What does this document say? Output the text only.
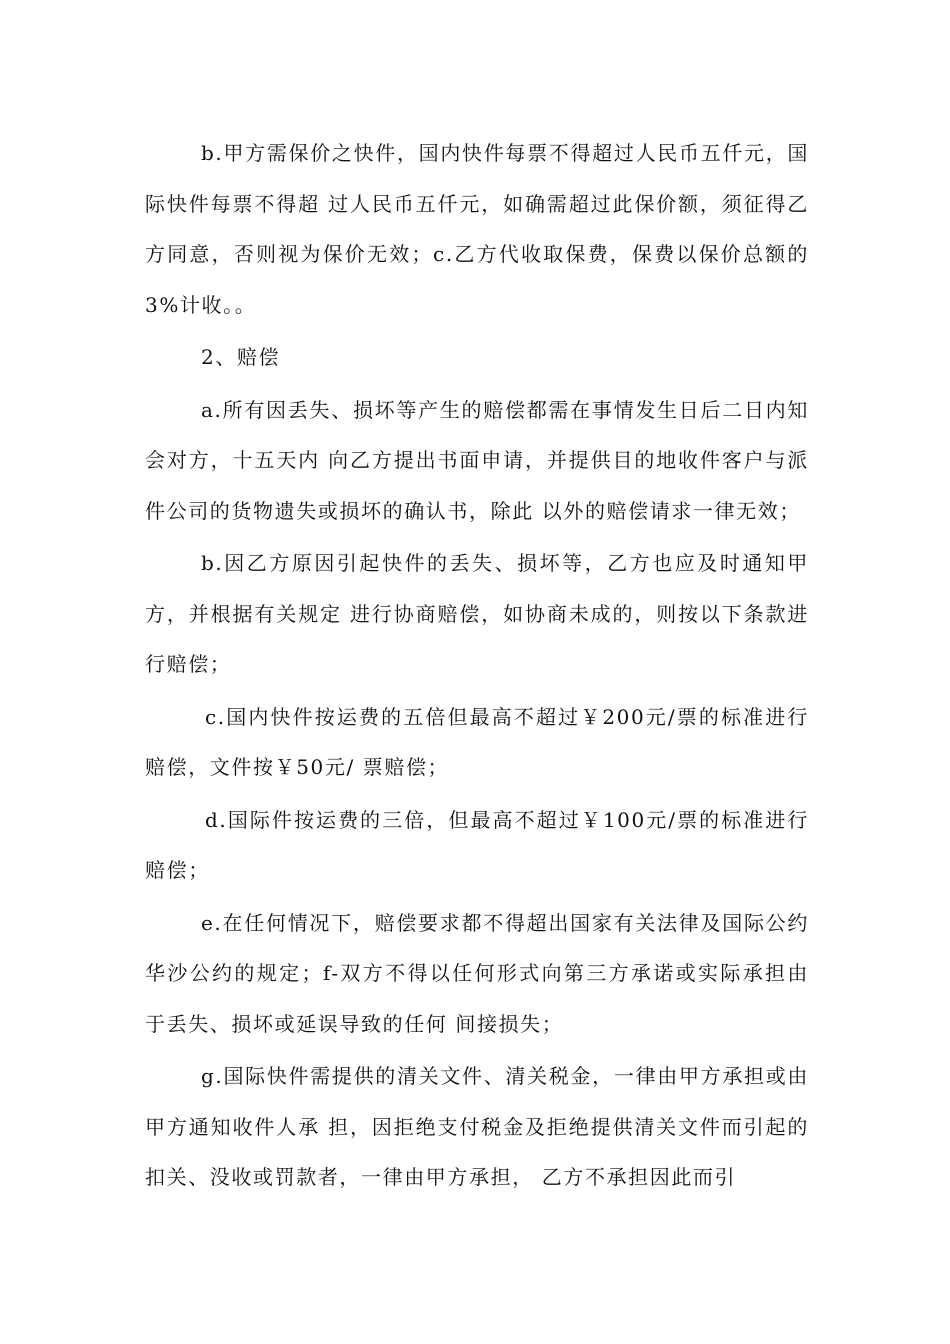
b.甲方需保价之快件，国内快件每票不得超过人民币五仟元，国际快件每票不得超 过人民币五仟元，如确需超过此保价额，须征得乙方同意，否则视为保价无效；c.乙方代收取保费，保费以保价总额的3%计收。。

2、赔偿

a.所有因丢失、损坏等产生的赔偿都需在事情发生日后二日内知会对方，十五天内 向乙方提出书面申请，并提供目的地收件客户与派件公司的货物遗失或损坏的确认书，除此 以外的赔偿请求一律无效；

b.因乙方原因引起快件的丢失、损坏等，乙方也应及时通知甲方，并根据有关规定 进行协商赔偿，如协商未成的，则按以下条款进行赔偿；

c.国内快件按运费的五倍但最高不超过￥200元/票的标准进行赔偿，文件按￥50元/ 票赔偿；

d.国际件按运费的三倍，但最高不超过￥100元/票的标准进行赔偿；

e.在任何情况下，赔偿要求都不得超出国家有关法律及国际公约华沙公约的规定；f-双方不得以任何形式向第三方承诺或实际承担由于丢失、损坏或延误导致的任何 间接损失；

g.国际快件需提供的清关文件、清关税金，一律由甲方承担或由甲方通知收件人承 担，因拒绝支付税金及拒绝提供清关文件而引起的扣关、没收或罚款者，一律由甲方承担， 乙方不承担因此而引
